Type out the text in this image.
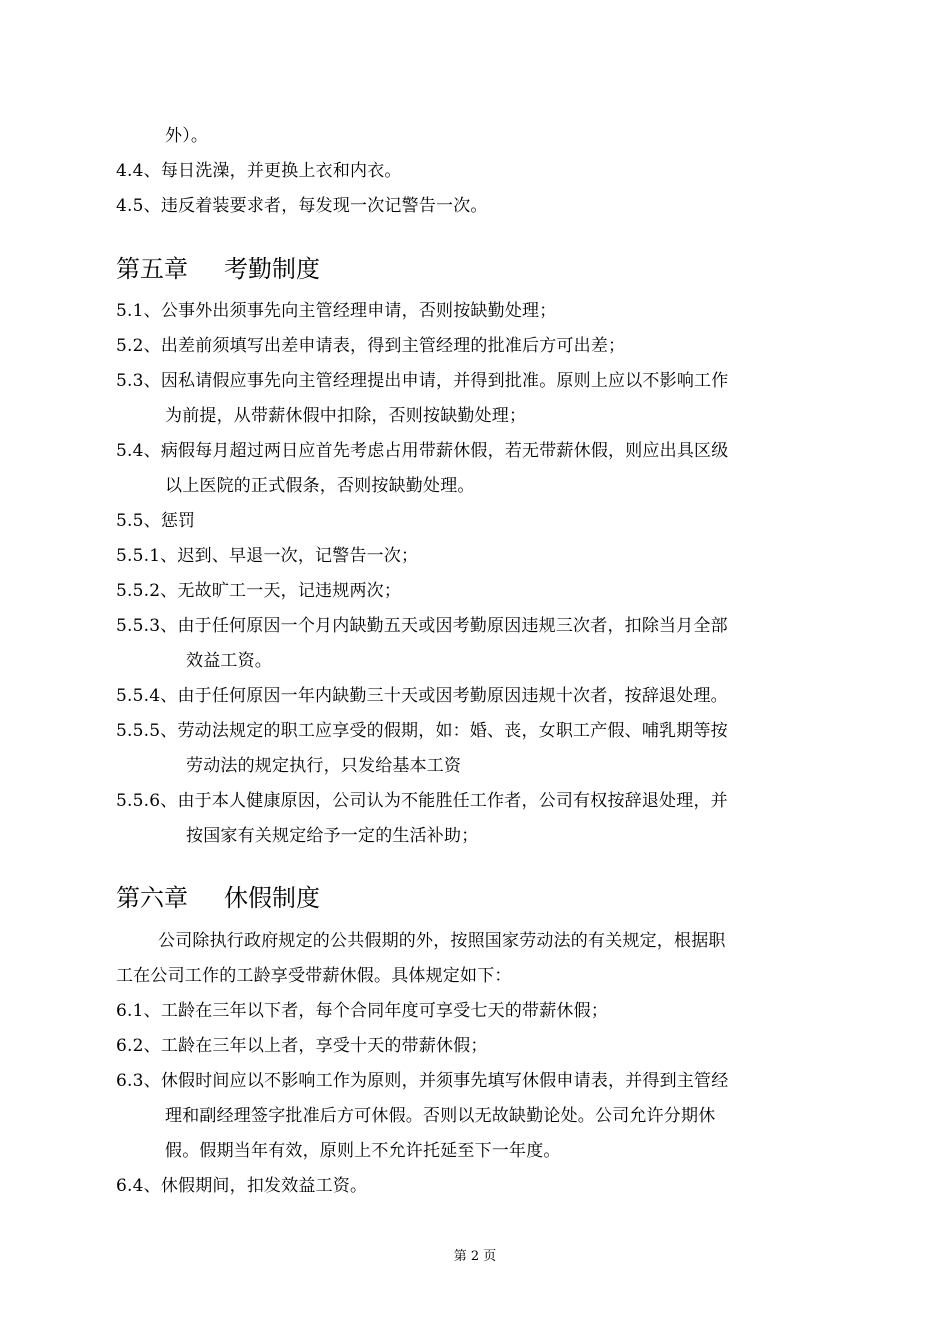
外）。
4.4、每日洗澡，并更换上衣和内衣。
4.5、违反着装要求者，每发现一次记警告一次。
第五章 考勤制度
5.1、公事外出须事先向主管经理申请，否则按缺勤处理；
5.2、出差前须填写出差申请表，得到主管经理的批准后方可出差；
5.3、因私请假应事先向主管经理提出申请，并得到批准。原则上应以不影响工作
为前提，从带薪休假中扣除，否则按缺勤处理；
5.4、病假每月超过两日应首先考虑占用带薪休假，若无带薪休假，则应出具区级
以上医院的正式假条，否则按缺勤处理。
5.5、惩罚
5.5.1、迟到、早退一次，记警告一次；
5.5.2、无故旷工一天，记违规两次；
5.5.3、由于任何原因一个月内缺勤五天或因考勤原因违规三次者，扣除当月全部
效益工资。
5.5.4、由于任何原因一年内缺勤三十天或因考勤原因违规十次者，按辞退处理。
5.5.5、劳动法规定的职工应享受的假期，如：婚、丧，女职工产假、哺乳期等按
劳动法的规定执行，只发给基本工资
5.5.6、由于本人健康原因，公司认为不能胜任工作者，公司有权按辞退处理，并
按国家有关规定给予一定的生活补助；
第六章 休假制度
公司除执行政府规定的公共假期的外，按照国家劳动法的有关规定，根据职
工在公司工作的工龄享受带薪休假。具体规定如下：
6.1、工龄在三年以下者，每个合同年度可享受七天的带薪休假；
6.2、工龄在三年以上者，享受十天的带薪休假；
6.3、休假时间应以不影响工作为原则，并须事先填写休假申请表，并得到主管经
理和副经理签字批准后方可休假。否则以无故缺勤论处。公司允许分期休
假。假期当年有效，原则上不允许托延至下一年度。
6.4、休假期间，扣发效益工资。
第 2 页
